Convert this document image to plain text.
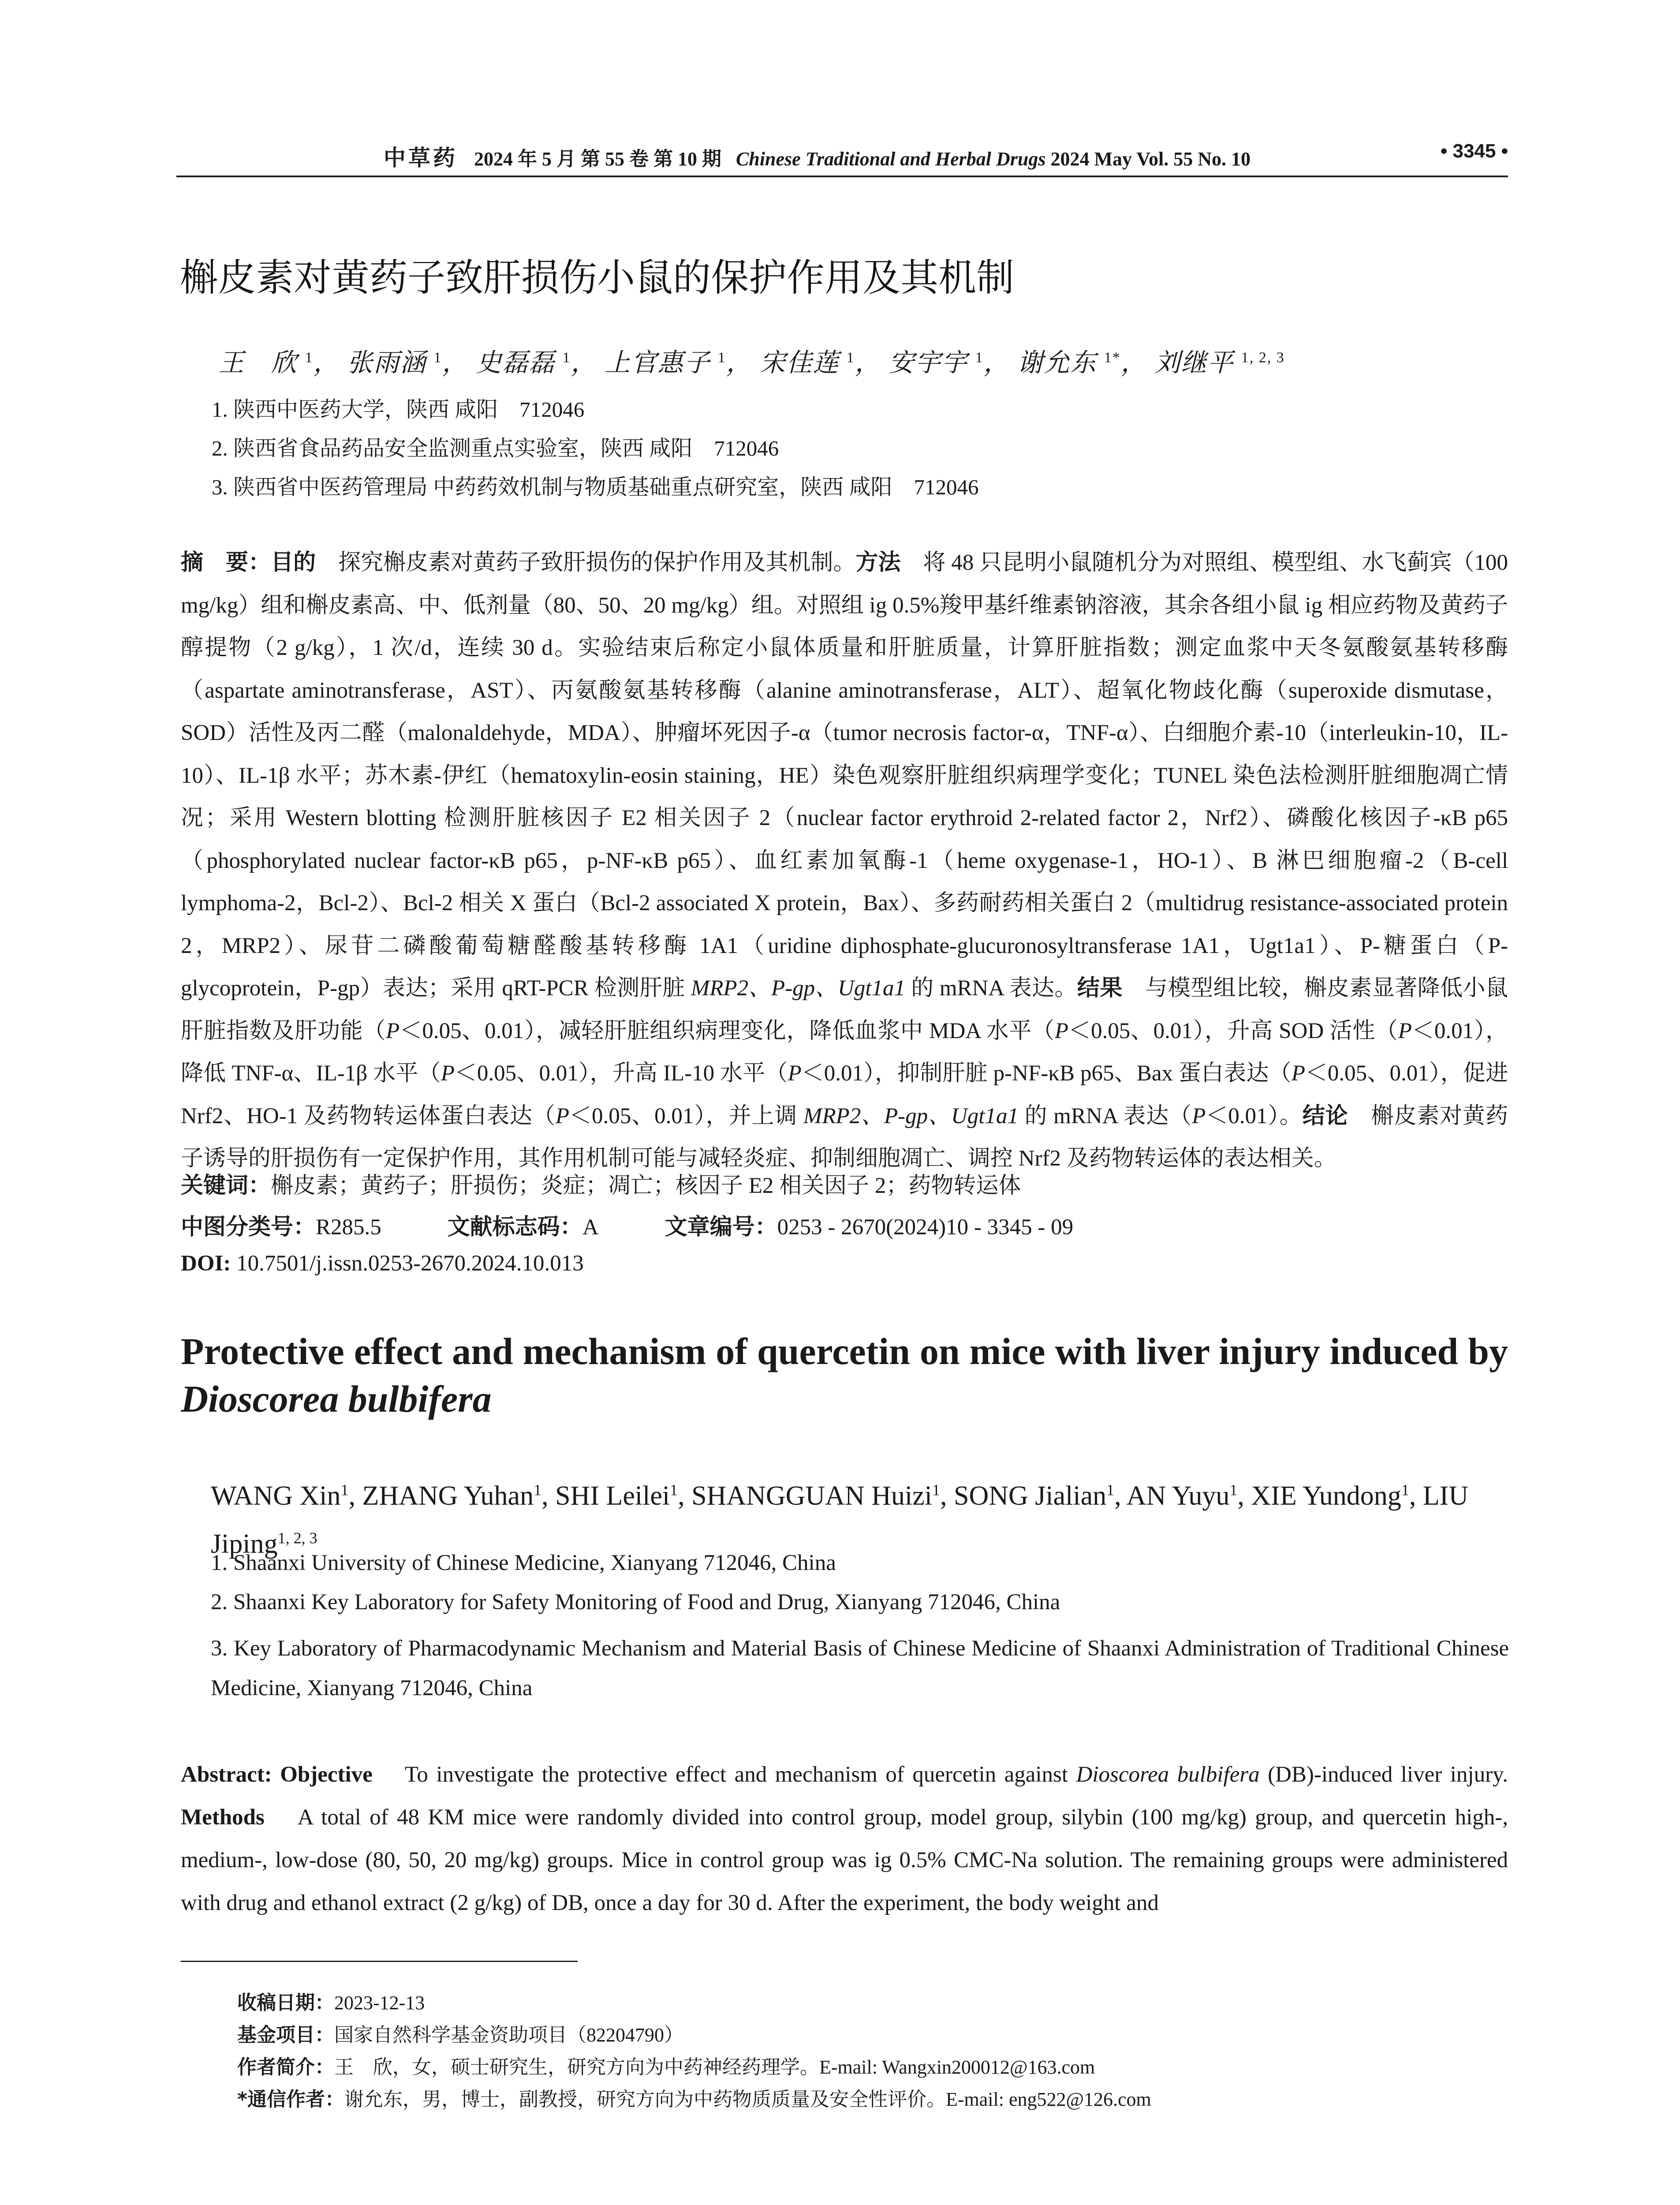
中草药 2024 年 5 月 第 55 卷 第 10 期 Chinese Traditional and Herbal Drugs 2024 May Vol. 55 No. 10	• 3345 •
槲皮素对黄药子致肝损伤小鼠的保护作用及其机制
王　欣 $^1$， 张雨涵 $^1$， 史磊磊 $^1$， 上官惠子 $^1$， 宋佳莲 $^1$， 安宇宇 $^1$， 谢允东 $^{1*}$， 刘继平 $^{1, 2, 3}$
1. 陕西中医药大学，陕西 咸阳　712046
2. 陕西省食品药品安全监测重点实验室，陕西 咸阳　712046
3. 陕西省中医药管理局 中药药效机制与物质基础重点研究室，陕西 咸阳　712046
摘　要：目的　 探究槲皮素对黄药子致肝损伤的保护作用及其机制。方法　 将 48 只昆明小鼠随机分为对照组、模型组、水飞蓟宾（100 mg/kg）组和槲皮素高、中、低剂量（80、50、20 mg/kg）组。对照组 ig 0.5%羧甲基纤维素钠溶液，其余各组小鼠 ig 相应药物及黄药子醇提物（2 g/kg），1 次/d，连续 30 d。实验结束后称定小鼠体质量和肝脏质量，计算肝脏指数；测定血浆中天冬氨酸氨基转移酶（aspartate aminotransferase，AST）、丙氨酸氨基转移酶（alanine aminotransferase，ALT）、超氧化物歧化酶（superoxide dismutase，SOD）活性及丙二醛（malonaldehyde，MDA）、肿瘤坏死因子-α（tumor necrosis factor-α，TNF-α）、白细胞介素-10（interleukin-10，IL-10）、IL-1β 水平；苏木素-伊红（hematoxylin-eosin staining，HE）染色观察肝脏组织病理学变化；TUNEL 染色法检测肝脏细胞凋亡情况；采用 Western blotting 检测肝脏核因子 E2 相关因子 2（nuclear factor erythroid 2-related factor 2，Nrf2）、磷酸化核因子-κB p65（phosphorylated nuclear factor-κB p65，p-NF-κB p65）、血红素加氧酶-1（heme oxygenase-1，HO-1）、B 淋巴细胞瘤-2（B-cell lymphoma-2，Bcl-2）、Bcl-2 相关 X 蛋白（Bcl-2 associated X protein，Bax）、多药耐药相关蛋白 2（multidrug resistance-associated protein 2，MRP2）、尿苷二磷酸葡萄糖醛酸基转移酶 1A1（uridine diphosphate-glucuronosyltransferase 1A1，Ugt1a1）、P-糖蛋白（P-glycoprotein，P-gp）表达；采用 qRT-PCR 检测肝脏 MRP2、P-gp、Ugt1a1 的 mRNA 表达。结果　 与模型组比较，槲皮素显著降低小鼠肝脏指数及肝功能（P＜0.05、0.01），减轻肝脏组织病理变化，降低血浆中 MDA 水平（P＜0.05、0.01），升高 SOD 活性（P＜0.01），降低 TNF-α、IL-1β 水平（P＜0.05、0.01），升高 IL-10 水平（P＜0.01），抑制肝脏 p-NF-κB p65、Bax 蛋白表达（P＜0.05、0.01），促进 Nrf2、HO-1 及药物转运体蛋白表达（P＜0.05、0.01），并上调 MRP2、P-gp、Ugt1a1 的 mRNA 表达（P＜0.01）。结论　 槲皮素对黄药子诱导的肝损伤有一定保护作用，其作用机制可能与减轻炎症、抑制细胞凋亡、调控 Nrf2 及药物转运体的表达相关。
关键词：槲皮素；黄药子；肝损伤；炎症；凋亡；核因子 E2 相关因子 2；药物转运体
中图分类号：R285.5	文献标志码：A	文章编号：0253 - 2670(2024)10 - 3345 - 09
DOI: 10.7501/j.issn.0253-2670.2024.10.013
Protective effect and mechanism of quercetin on mice with liver injury induced by Dioscorea bulbifera
WANG Xin$^1$, ZHANG Yuhan$^1$, SHI Leilei$^1$, SHANGGUAN Huizi$^1$, SONG Jialian$^1$, AN Yuyu$^1$, XIE Yundong$^1$, LIU Jiping$^{1, 2, 3}$
1. Shaanxi University of Chinese Medicine, Xianyang 712046, China
2. Shaanxi Key Laboratory for Safety Monitoring of Food and Drug, Xianyang 712046, China
3. Key Laboratory of Pharmacodynamic Mechanism and Material Basis of Chinese Medicine of Shaanxi Administration of Traditional Chinese Medicine, Xianyang 712046, China
Abstract: Objective To investigate the protective effect and mechanism of quercetin against Dioscorea bulbifera (DB)-induced liver injury. Methods A total of 48 KM mice were randomly divided into control group, model group, silybin (100 mg/kg) group, and quercetin high-, medium-, low-dose (80, 50, 20 mg/kg) groups. Mice in control group was ig 0.5% CMC-Na solution. The remaining groups were administered with drug and ethanol extract (2 g/kg) of DB, once a day for 30 d. After the experiment, the body weight and
收稿日期：2023-12-13
基金项目：国家自然科学基金资助项目（82204790）
作者简介：王　欣，女，硕士研究生，研究方向为中药神经药理学。E-mail: Wangxin200012@163.com
*通信作者：谢允东，男，博士，副教授，研究方向为中药物质质量及安全性评价。E-mail: eng522@126.com
